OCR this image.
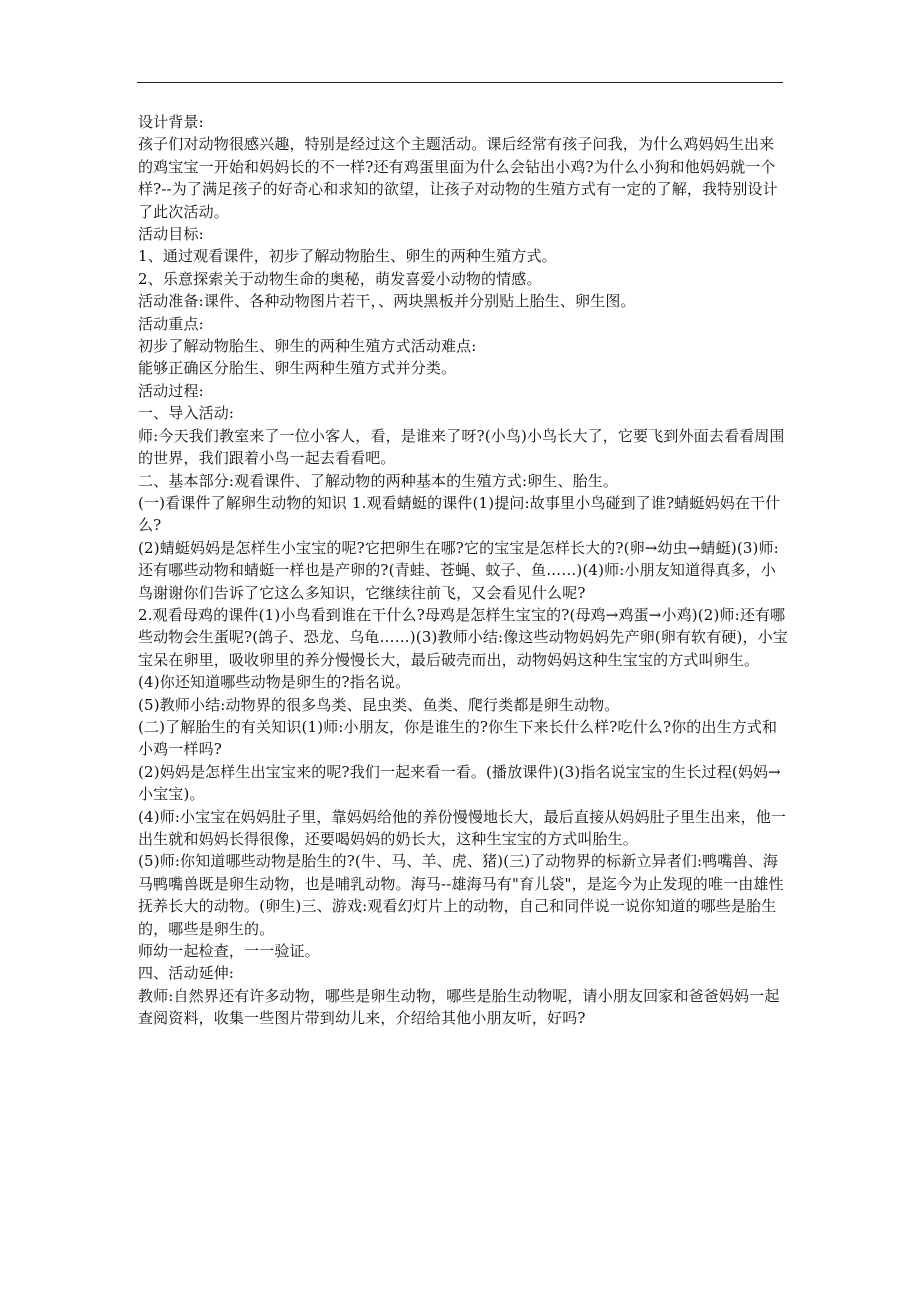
设计背景:

孩子们对动物很感兴趣，特别是经过这个主题活动。课后经常有孩子问我，为什么鸡妈妈生出来的鸡宝宝一开始和妈妈长的不一样?还有鸡蛋里面为什么会钻出小鸡?为什么小狗和他妈妈就一个样?--为了满足孩子的好奇心和求知的欲望，让孩子对动物的生殖方式有一定的了解，我特别设计了此次活动。

活动目标:

1、通过观看课件，初步了解动物胎生、卵生的两种生殖方式。

2、乐意探索关于动物生命的奥秘，萌发喜爱小动物的情感。

活动准备:课件、各种动物图片若干，、两块黑板并分别贴上胎生、卵生图。

活动重点:

初步了解动物胎生、卵生的两种生殖方式活动难点:

能够正确区分胎生、卵生两种生殖方式并分类。

活动过程:

一、导入活动:

师:今天我们教室来了一位小客人，看，是谁来了呀?(小鸟)小鸟长大了，它要飞到外面去看看周围的世界，我们跟着小鸟一起去看看吧。

二、基本部分:观看课件、了解动物的两种基本的生殖方式:卵生、胎生。

(一)看课件了解卵生动物的知识 1.观看蜻蜓的课件(1)提问:故事里小鸟碰到了谁?蜻蜓妈妈在干什么?

(2)蜻蜓妈妈是怎样生小宝宝的呢?它把卵生在哪?它的宝宝是怎样长大的?(卵→幼虫→蜻蜓)(3)师:还有哪些动物和蜻蜓一样也是产卵的?(青蛙、苍蝇、蚊子、鱼……)(4)师:小朋友知道得真多，小鸟谢谢你们告诉了它这么多知识，它继续往前飞，又会看见什么呢?

2.观看母鸡的课件(1)小鸟看到谁在干什么?母鸡是怎样生宝宝的?(母鸡→鸡蛋→小鸡)(2)师:还有哪些动物会生蛋呢?(鸽子、恐龙、乌龟……)(3)教师小结:像这些动物妈妈先产卵(卵有软有硬)，小宝宝呆在卵里，吸收卵里的养分慢慢长大，最后破壳而出，动物妈妈这种生宝宝的方式叫卵生。

(4)你还知道哪些动物是卵生的?指名说。

(5)教师小结:动物界的很多鸟类、昆虫类、鱼类、爬行类都是卵生动物。

(二)了解胎生的有关知识(1)师:小朋友，你是谁生的?你生下来长什么样?吃什么?你的出生方式和小鸡一样吗?

(2)妈妈是怎样生出宝宝来的呢?我们一起来看一看。(播放课件)(3)指名说宝宝的生长过程(妈妈→小宝宝)。

(4)师:小宝宝在妈妈肚子里，靠妈妈给他的养份慢慢地长大，最后直接从妈妈肚子里生出来，他一出生就和妈妈长得很像，还要喝妈妈的奶长大，这种生宝宝的方式叫胎生。

(5)师:你知道哪些动物是胎生的?(牛、马、羊、虎、猪)(三)了动物界的标新立异者们:鸭嘴兽、海马鸭嘴兽既是卵生动物，也是哺乳动物。海马--雄海马有"育儿袋"，是迄今为止发现的唯一由雄性抚养长大的动物。(卵生)三、游戏:观看幻灯片上的动物，自己和同伴说一说你知道的哪些是胎生的，哪些是卵生的。

师幼一起检查，一一验证。

四、活动延伸:

教师:自然界还有许多动物，哪些是卵生动物，哪些是胎生动物呢，请小朋友回家和爸爸妈妈一起查阅资料，收集一些图片带到幼儿来，介绍给其他小朋友听，好吗?
